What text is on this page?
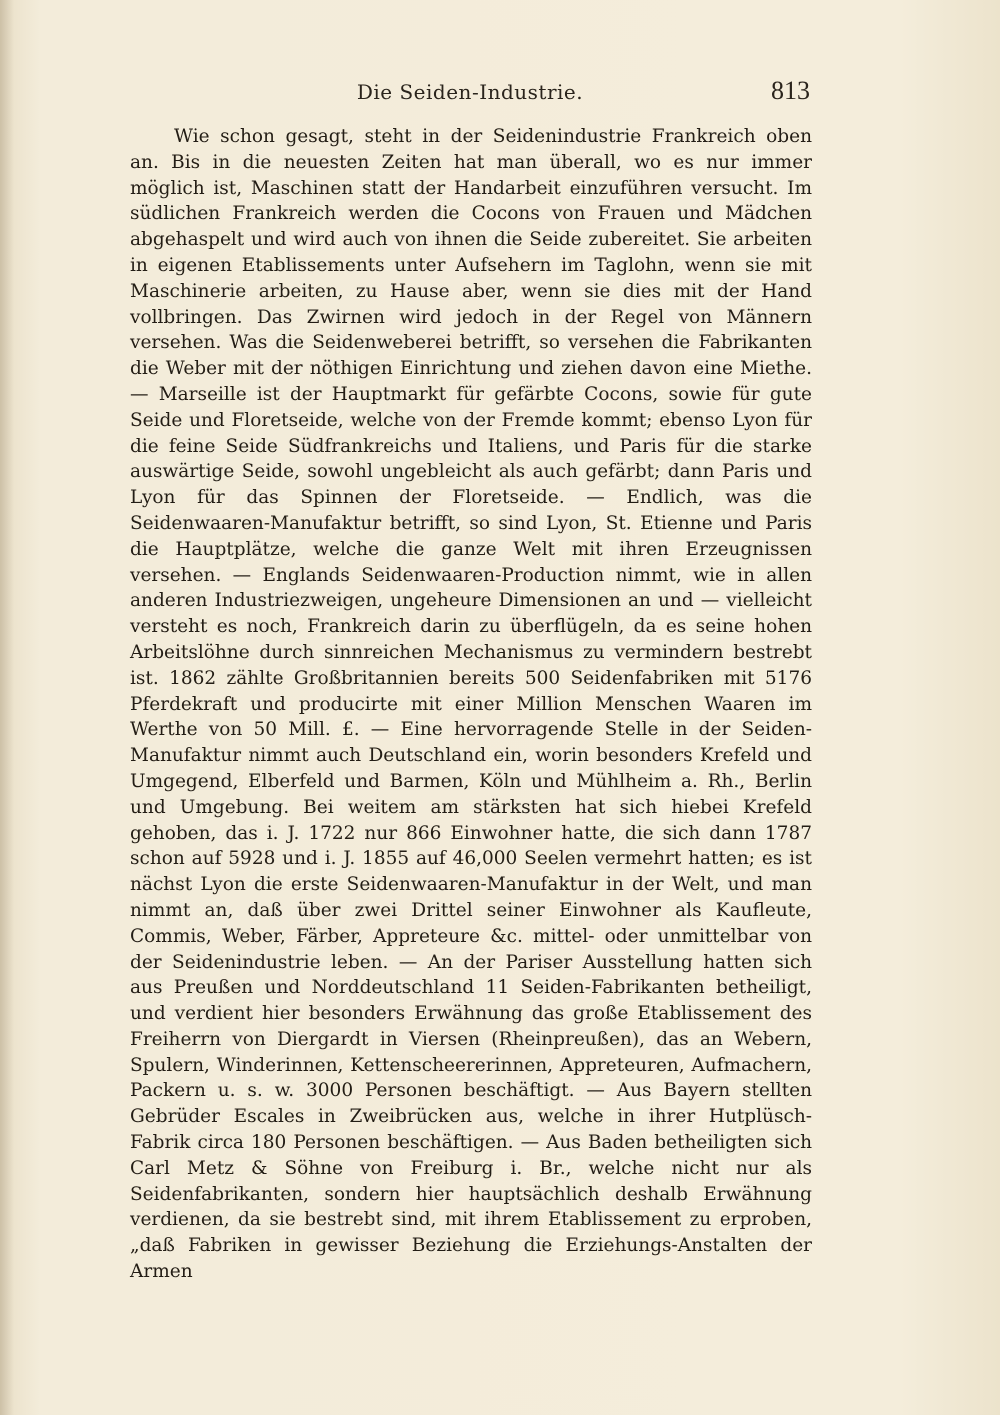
Die Seiden-Industrie.	813
Wie schon gesagt, steht in der Seidenindustrie Frankreich oben an. Bis in die neuesten Zeiten hat man überall, wo es nur immer möglich ist, Maschinen statt der Handarbeit einzuführen versucht. Im südlichen Frankreich werden die Cocons von Frauen und Mädchen abgehaspelt und wird auch von ihnen die Seide zubereitet. Sie arbeiten in eigenen Etablissements unter Aufsehern im Taglohn, wenn sie mit Maschinerie arbeiten, zu Hause aber, wenn sie dies mit der Hand vollbringen. Das Zwirnen wird jedoch in der Regel von Männern versehen. Was die Seidenweberei betrifft, so versehen die Fabrikanten die Weber mit der nöthigen Einrichtung und ziehen davon eine Miethe. — Marseille ist der Hauptmarkt für gefärbte Cocons, sowie für gute Seide und Floretseide, welche von der Fremde kommt; ebenso Lyon für die feine Seide Südfrankreichs und Italiens, und Paris für die starke auswärtige Seide, sowohl ungebleicht als auch gefärbt; dann Paris und Lyon für das Spinnen der Floretseide. — Endlich, was die Seidenwaaren-Manufaktur betrifft, so sind Lyon, St. Etienne und Paris die Hauptplätze, welche die ganze Welt mit ihren Erzeugnissen versehen. — Englands Seidenwaaren-Production nimmt, wie in allen anderen Industriezweigen, ungeheure Dimensionen an und — vielleicht versteht es noch, Frankreich darin zu überflügeln, da es seine hohen Arbeitslöhne durch sinnreichen Mechanismus zu vermindern bestrebt ist. 1862 zählte Großbritannien bereits 500 Seidenfabriken mit 5176 Pferdekraft und producirte mit einer Million Menschen Waaren im Werthe von 50 Mill. £. — Eine hervorragende Stelle in der Seiden-Manufaktur nimmt auch Deutschland ein, worin besonders Krefeld und Umgegend, Elberfeld und Barmen, Köln und Mühlheim a. Rh., Berlin und Umgebung. Bei weitem am stärksten hat sich hiebei Krefeld gehoben, das i. J. 1722 nur 866 Einwohner hatte, die sich dann 1787 schon auf 5928 und i. J. 1855 auf 46,000 Seelen vermehrt hatten; es ist nächst Lyon die erste Seidenwaaren-Manufaktur in der Welt, und man nimmt an, daß über zwei Drittel seiner Einwohner als Kaufleute, Commis, Weber, Färber, Appreteure &c. mittel- oder unmittelbar von der Seidenindustrie leben. — An der Pariser Ausstellung hatten sich aus Preußen und Norddeutschland 11 Seiden-Fabrikanten betheiligt, und verdient hier besonders Erwähnung das große Etablissement des Freiherrn von Diergardt in Viersen (Rheinpreußen), das an Webern, Spulern, Winderinnen, Kettenscheererinnen, Appreteuren, Aufmachern, Packern u. s. w. 3000 Personen beschäftigt. — Aus Bayern stellten Gebrüder Escales in Zweibrücken aus, welche in ihrer Hutplüsch-Fabrik circa 180 Personen beschäftigen. — Aus Baden betheiligten sich Carl Metz & Söhne von Freiburg i. Br., welche nicht nur als Seidenfabrikanten, sondern hier hauptsächlich deshalb Erwähnung verdienen, da sie bestrebt sind, mit ihrem Etablissement zu erproben, „daß Fabriken in gewisser Beziehung die Erziehungs-Anstalten der Armen
